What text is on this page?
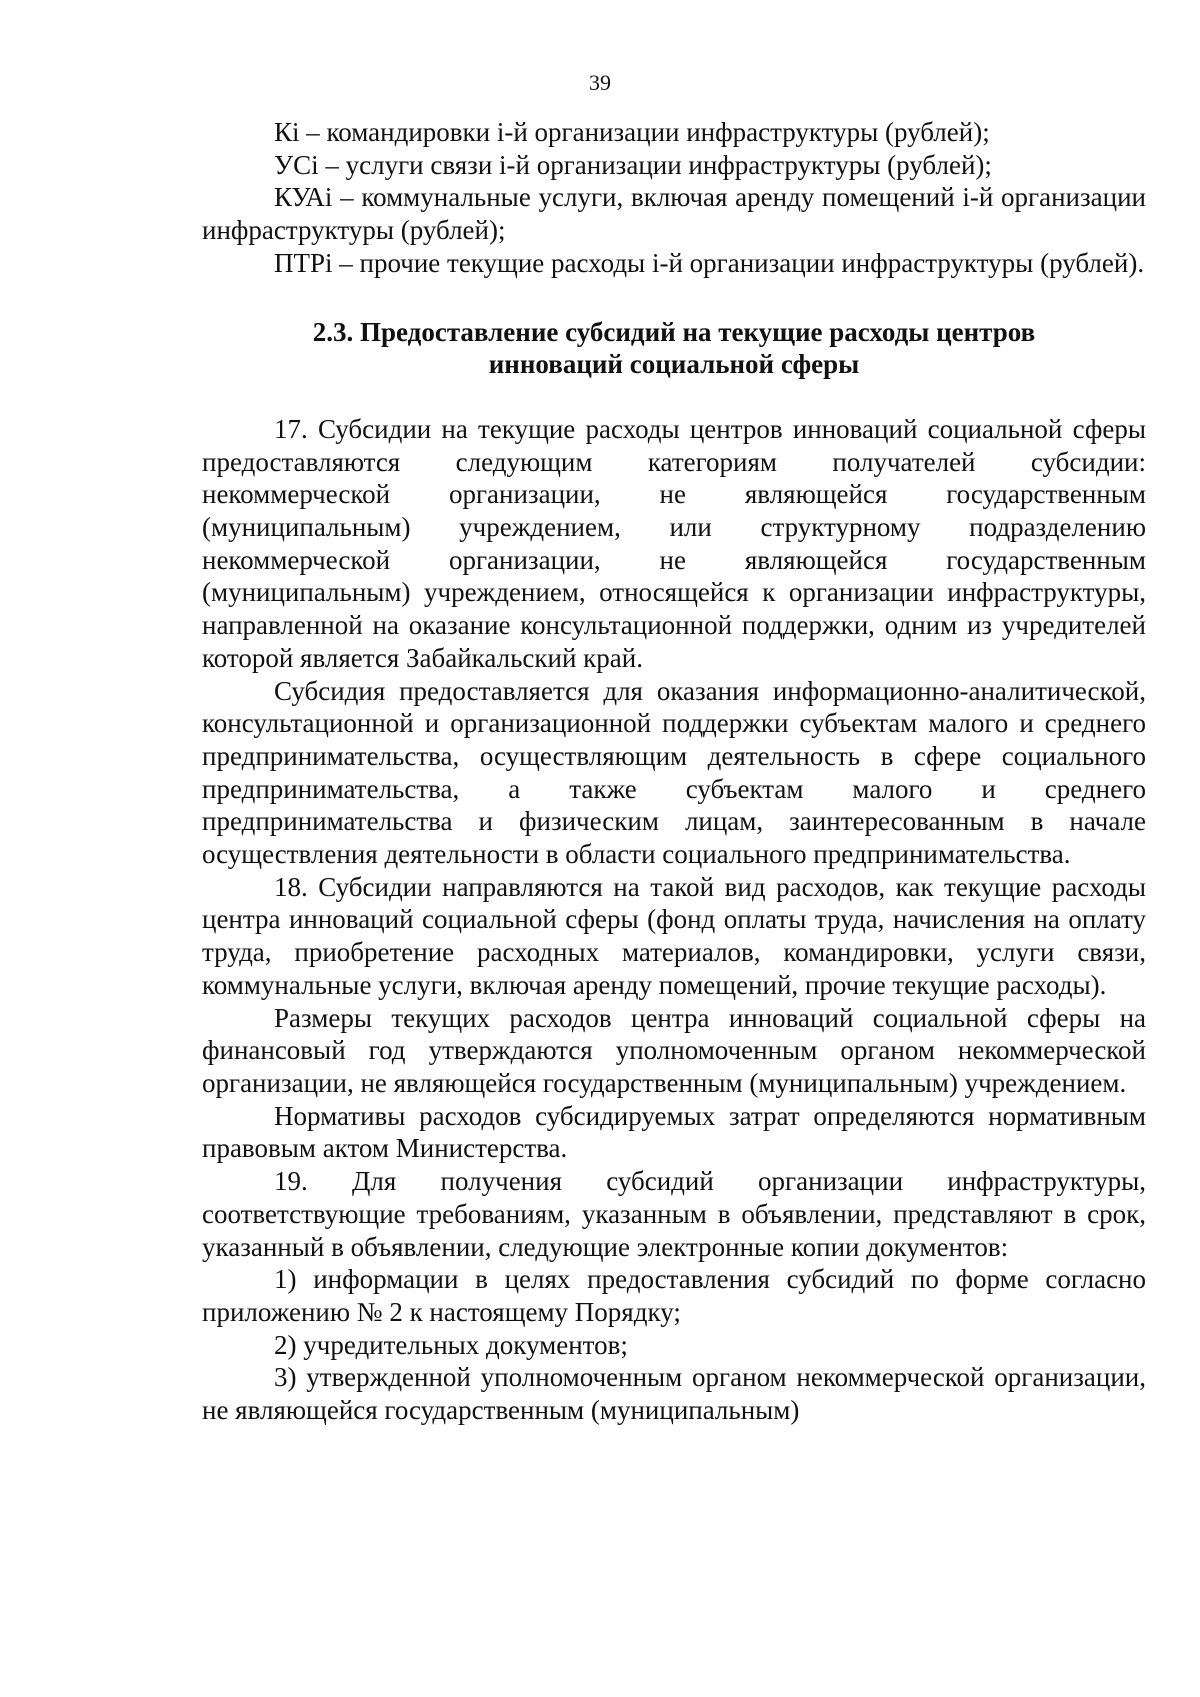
39

Кi – командировки i-й организации инфраструктуры (рублей);

УСi – услуги связи i-й организации инфраструктуры (рублей);

КУАi – коммунальные услуги, включая аренду помещений i-й организации инфраструктуры (рублей);

ПТРi – прочие текущие расходы i-й организации инфраструктуры (рублей).

2.3. Предоставление субсидий на текущие расходы центров инноваций социальной сферы

17. Субсидии на текущие расходы центров инноваций социальной сферы предоставляются следующим категориям получателей субсидии: некоммерческой организации, не являющейся государственным (муниципальным) учреждением, или структурному подразделению некоммерческой организации, не являющейся государственным (муниципальным) учреждением, относящейся к организации инфраструктуры, направленной на оказание консультационной поддержки, одним из учредителей которой является Забайкальский край.

Субсидия предоставляется для оказания информационно-аналитической, консультационной и организационной поддержки субъектам малого и среднего предпринимательства, осуществляющим деятельность в сфере социального предпринимательства, а также субъектам малого и среднего предпринимательства и физическим лицам, заинтересованным в начале осуществления деятельности в области социального предпринимательства.

18. Субсидии направляются на такой вид расходов, как текущие расходы центра инноваций социальной сферы (фонд оплаты труда, начисления на оплату труда, приобретение расходных материалов, командировки, услуги связи, коммунальные услуги, включая аренду помещений, прочие текущие расходы).

Размеры текущих расходов центра инноваций социальной сферы на финансовый год утверждаются уполномоченным органом некоммерческой организации, не являющейся государственным (муниципальным) учреждением.

Нормативы расходов субсидируемых затрат определяются нормативным правовым актом Министерства.

19. Для получения субсидий организации инфраструктуры, соответствующие требованиям, указанным в объявлении, представляют в срок, указанный в объявлении, следующие электронные копии документов:

1) информации в целях предоставления субсидий по форме согласно приложению № 2 к настоящему Порядку;

2) учредительных документов;

3) утвержденной уполномоченным органом некоммерческой организации, не являющейся государственным (муниципальным)
